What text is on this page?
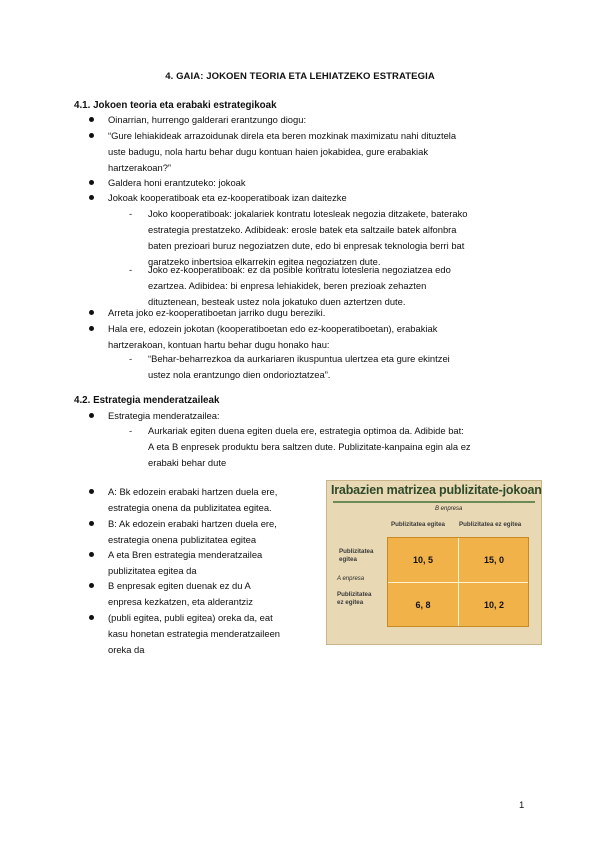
4. GAIA: JOKOEN TEORIA ETA LEHIATZEKO ESTRATEGIA
4.1. Jokoen teoria eta erabaki estrategikoak
Oinarrian, hurrengo galderari erantzungo diogu:
“Gure lehiakideak arrazoidunak direla eta beren mozkinak maximizatu nahi dituztela
uste badugu, nola hartu behar dugu kontuan haien jokabidea, gure erabakiak
hartzerakoan?”
Galdera honi erantzuteko: jokoak
Jokoak kooperatiboak eta ez-kooperatiboak izan daitezke
- Joko kooperatiboak: jokalariek kontratu lotesleak negozia ditzakete, baterako
estrategia prestatzeko. Adibideak: erosle batek eta saltzaile batek alfonbra
baten prezioari buruz negoziatzen dute, edo bi enpresak teknologia berri bat
garatzeko inbertsioa elkarrekin egitea negoziatzen dute.
- Joko ez-kooperatiboak: ez da posible kontratu lotesleria negoziatzea edo
ezartzea. Adibidea: bi enpresa lehiakidek, beren prezioak zehazten
dituztenean, besteak ustez nola jokatuko duen aztertzen dute.
Arreta joko ez-kooperatiboetan jarriko dugu bereziki.
Hala ere, edozein jokotan (kooperatiboetan edo ez-kooperatiboetan), erabakiak
hartzerakoan, kontuan hartu behar dugu honako hau:
- “Behar-beharrezkoa da aurkariaren ikuspuntua ulertzea eta gure ekintzei
ustez nola erantzungo dien ondorioztatzea”.
4.2. Estrategia menderatzaileak
Estrategia menderatzailea:
- Aurkariak egiten duena egiten duela ere, estrategia optimoa da. Adibide bat:
A eta B enpresek produktu bera saltzen dute. Publizitate-kanpaina egin ala ez
erabaki behar dute
A: Bk edozein erabaki hartzen duela ere,
estrategia onena da publizitatea egitea.
B: Ak edozein erabaki hartzen duela ere,
estrategia onena publizitatea egitea
A eta Bren estrategia menderatzailea
publizitatea egitea da
B enpresak egiten duenak ez du A
enpresa kezkatzen, eta alderantziz
(publi egitea, publi egitea) oreka da, eat
kasu honetan estrategia menderatzaileen
oreka da
Irabazien matrizea publizitate-jokoan
B enpresa
Publizitatea egitea Publizitatea ez egitea
Publizitatea
egitea
A enpresa
Publizitatea
ez egitea
10, 5	15, 0
6, 8	10, 2
1
